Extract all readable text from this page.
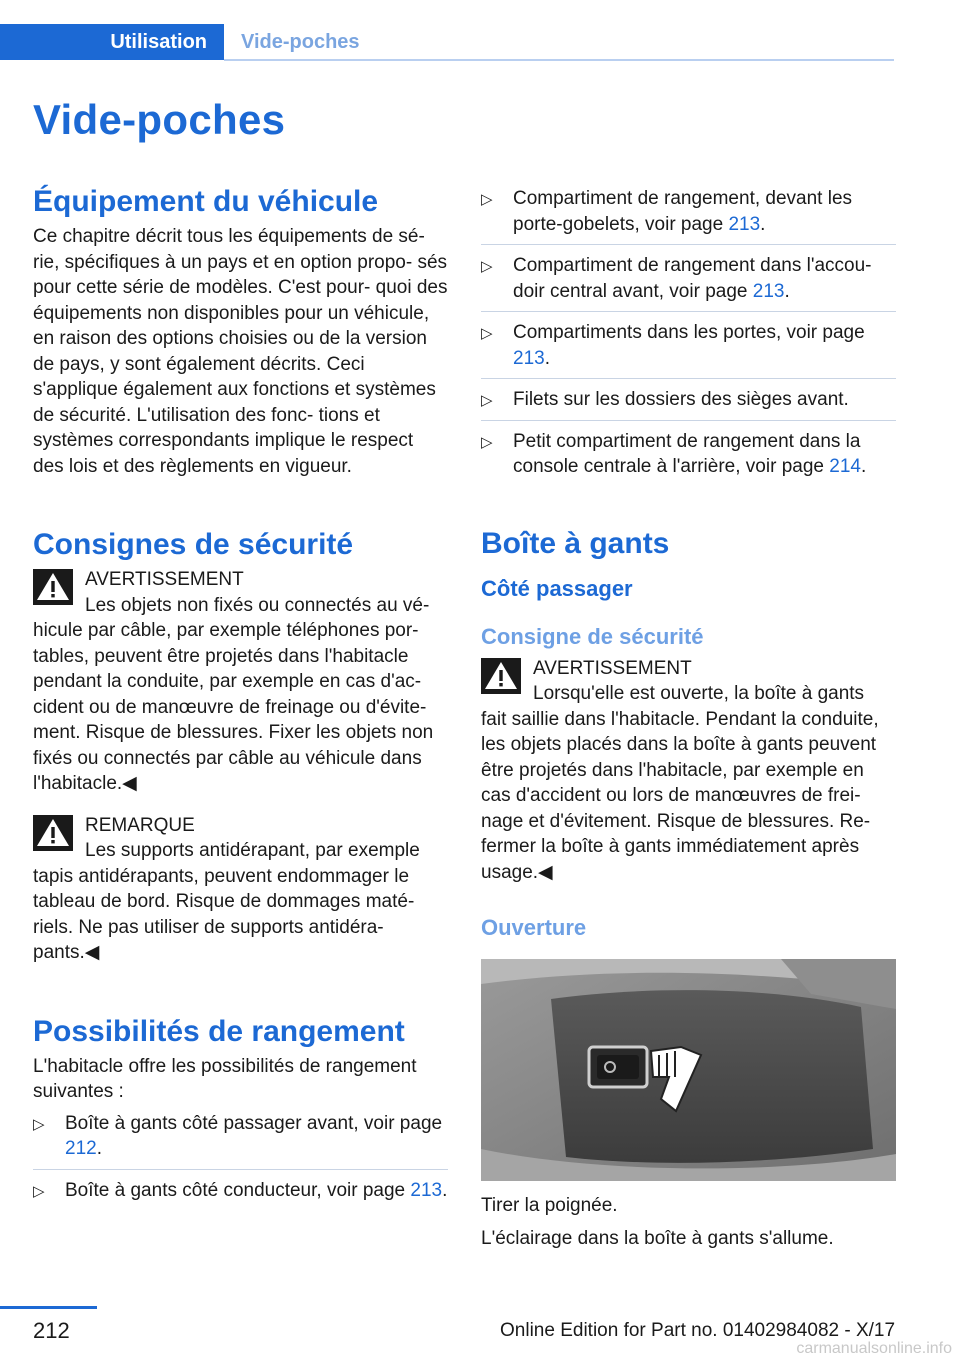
Utilisation Vide-poches
Vide-poches
Équipement du véhicule

Ce chapitre décrit tous les équipements de sé‐ rie, spécifiques à un pays et en option propo‐ sés pour cette série de modèles. C'est pour‐ quoi des équipements non disponibles pour un véhicule, en raison des options choisies ou de la version de pays, y sont également décrits. Ceci s'applique également aux fonctions et systèmes de sécurité. L'utilisation des fonc‐ tions et systèmes correspondants implique le respect des lois et des règlements en vigueur.

Consignes de sécurité
AVERTISSEMENT
Les objets non fixés ou connectés au vé‐
hicule par câble, par exemple téléphones por‐ tables, peuvent être projetés dans l'habitacle pendant la conduite, par exemple en cas d'ac‐ cident ou de manœuvre de freinage ou d'évite‐ ment. Risque de blessures. Fixer les objets non fixés ou connectés par câble au véhicule dans l'habitacle.◀
REMARQUE
Les supports antidérapant, par exemple
tapis antidérapants, peuvent endommager le tableau de bord. Risque de dommages maté‐ riels. Ne pas utiliser de supports antidéra‐ pants.◀
Possibilités de rangement

L'habitacle offre les possibilités de rangement suivantes :

▷ Boîte à gants côté passager avant, voir page 212.
▷ Boîte à gants côté conducteur, voir page 213.
▷ Compartiment de rangement, devant les porte-gobelets, voir page 213.
▷ Compartiment de rangement dans l'accou‐ doir central avant, voir page 213.
▷ Compartiments dans les portes, voir page 213.
▷ Filets sur les dossiers des sièges avant.
▷ Petit compartiment de rangement dans la console centrale à l'arrière, voir page 214.
Boîte à gants
Côté passager
Consigne de sécurité
AVERTISSEMENT
Lorsqu'elle est ouverte, la boîte à gants
fait saillie dans l'habitacle. Pendant la conduite, les objets placés dans la boîte à gants peuvent être projetés dans l'habitacle, par exemple en cas d'accident ou lors de manœuvres de frei‐ nage et d'évitement. Risque de blessures. Re‐ fermer la boîte à gants immédiatement après usage.◀
Ouverture

Tirer la poignée.

L'éclairage dans la boîte à gants s'allume.

212	Online Edition for Part no. 01402984082 - X/17
carmanualsonline.info
